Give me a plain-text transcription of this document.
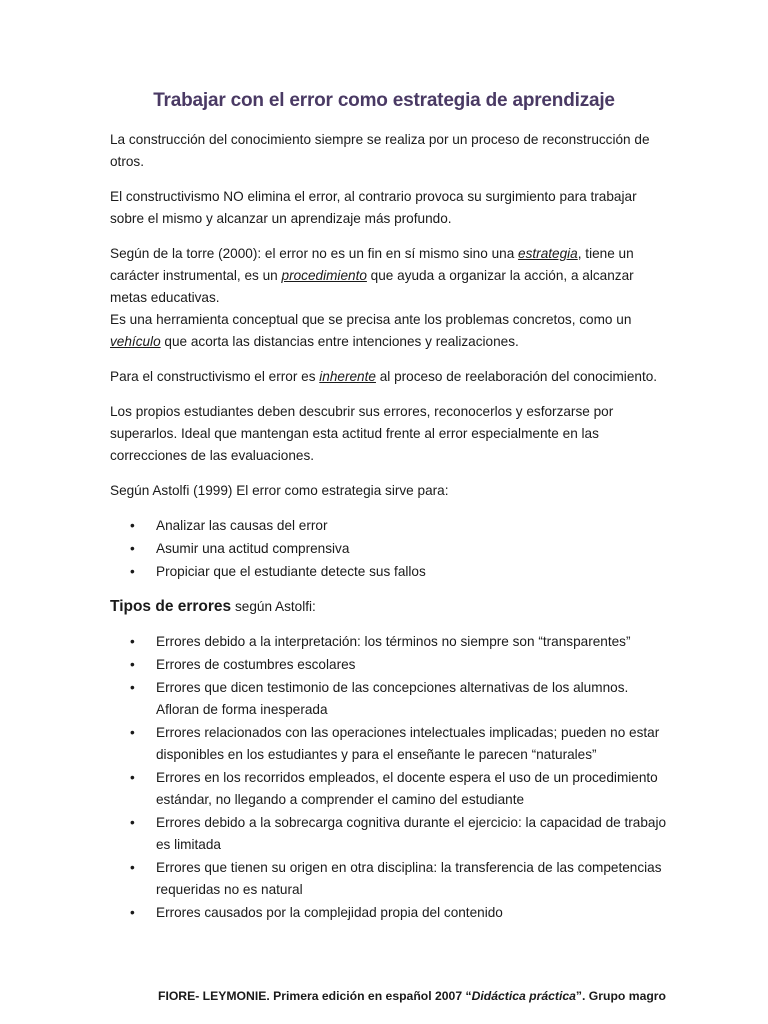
Trabajar con el error como estrategia de aprendizaje

La construcción del conocimiento siempre se realiza por un proceso de reconstrucción de otros.

El constructivismo NO elimina el error, al contrario provoca su surgimiento para trabajar sobre el mismo y alcanzar un aprendizaje más profundo.

Según de la torre (2000): el error no es un fin en sí mismo sino una estrategia, tiene un carácter instrumental, es un procedimiento que ayuda a organizar la acción, a alcanzar metas educativas.

Es una herramienta conceptual que se precisa ante los problemas concretos, como un vehículo que acorta las distancias entre intenciones y realizaciones.

Para el constructivismo el error es inherente al proceso de reelaboración del conocimiento.

Los propios estudiantes deben descubrir sus errores, reconocerlos y esforzarse por superarlos. Ideal que mantengan esta actitud frente al error especialmente en las correcciones de las evaluaciones.

Según Astolfi (1999) El error como estrategia sirve para:

• Analizar las causas del error
• Asumir una actitud comprensiva
• Propiciar que el estudiante detecte sus fallos

Tipos de errores según Astolfi:

• Errores debido a la interpretación: los términos no siempre son “transparentes”
• Errores de costumbres escolares
• Errores que dicen testimonio de las concepciones alternativas de los alumnos. Afloran de forma inesperada
• Errores relacionados con las operaciones intelectuales implicadas; pueden no estar disponibles en los estudiantes y para el enseñante le parecen “naturales”
• Errores en los recorridos empleados, el docente espera el uso de un procedimiento estándar, no llegando a comprender el camino del estudiante
• Errores debido a la sobrecarga cognitiva durante el ejercicio: la capacidad de trabajo es limitada
• Errores que tienen su origen en otra disciplina: la transferencia de las competencias requeridas no es natural
• Errores causados por la complejidad propia del contenido
FIORE- LEYMONIE. Primera edición en español 2007 “Didáctica práctica”. Grupo magro
